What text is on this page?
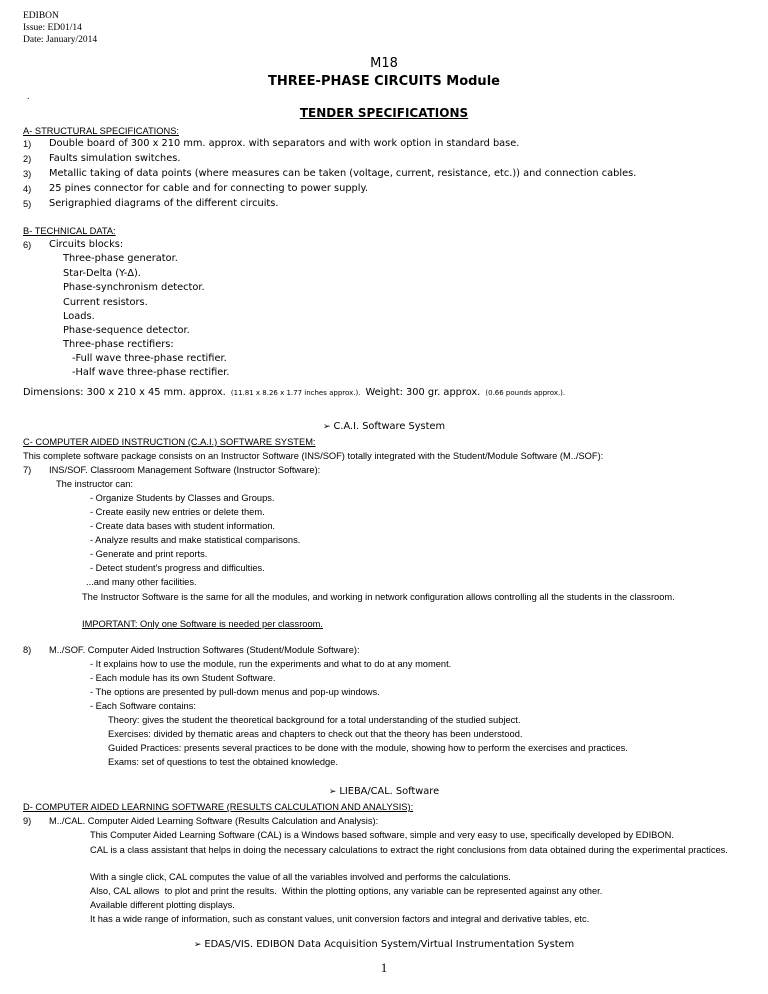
EDIBON
Issue: ED01/14
Date: January/2014
M18
THREE-PHASE CIRCUITS Module
.
TENDER SPECIFICATIONS
A- STRUCTURAL SPECIFICATIONS:
1) Double board of 300 x 210 mm. approx. with separators and with work option in standard base.
2) Faults simulation switches.
3) Metallic taking of data points (where measures can be taken (voltage, current, resistance, etc.)) and connection cables.
4) 25 pines connector for cable and for connecting to power supply.
5) Serigraphied diagrams of the different circuits.
B- TECHNICAL DATA:
6) Circuits blocks:
Three-phase generator.
Star-Delta (Y-∆).
Phase-synchronism detector.
Current resistors.
Loads.
Phase-sequence detector.
Three-phase rectifiers:
-Full wave three-phase rectifier.
-Half wave three-phase rectifier.
Dimensions: 300 x 210 x 45 mm. approx. (11.81 x 8.26 x 1.77 inches approx.). Weight: 300 gr. approx. (0.66 pounds approx.).
➢ C.A.I. Software System
C- COMPUTER AIDED INSTRUCTION (C.A.I.) SOFTWARE SYSTEM:
This complete software package consists on an Instructor Software (INS/SOF) totally integrated with the Student/Module Software (M../SOF):
7) INS/SOF. Classroom Management Software (Instructor Software):
The instructor can:
- Organize Students by Classes and Groups.
- Create easily new entries or delete them.
- Create data bases with student information.
- Analyze results and make statistical comparisons.
- Generate and print reports.
- Detect student's progress and difficulties.
...and many other facilities.
The Instructor Software is the same for all the modules, and working in network configuration allows controlling all the students in the classroom.
IMPORTANT: Only one Software is needed per classroom.
8) M../SOF. Computer Aided Instruction Softwares (Student/Module Software):
- It explains how to use the module, run the experiments and what to do at any moment.
- Each module has its own Student Software.
- The options are presented by pull-down menus and pop-up windows.
- Each Software contains:
Theory: gives the student the theoretical background for a total understanding of the studied subject.
Exercises: divided by thematic areas and chapters to check out that the theory has been understood.
Guided Practices: presents several practices to be done with the module, showing how to perform the exercises and practices.
Exams: set of questions to test the obtained knowledge.
➢ LIEBA/CAL. Software
D- COMPUTER AIDED LEARNING SOFTWARE (RESULTS CALCULATION AND ANALYSIS):
9) M../CAL. Computer Aided Learning Software (Results Calculation and Analysis):
This Computer Aided Learning Software (CAL) is a Windows based software, simple and very easy to use, specifically developed by EDIBON.
CAL is a class assistant that helps in doing the necessary calculations to extract the right conclusions from data obtained during the experimental practices.
With a single click, CAL computes the value of all the variables involved and performs the calculations.
Also, CAL allows  to plot and print the results.  Within the plotting options, any variable can be represented against any other.
Available different plotting displays.
It has a wide range of information, such as constant values, unit conversion factors and integral and derivative tables, etc.
➢ EDAS/VIS. EDIBON Data Acquisition System/Virtual Instrumentation System
1
